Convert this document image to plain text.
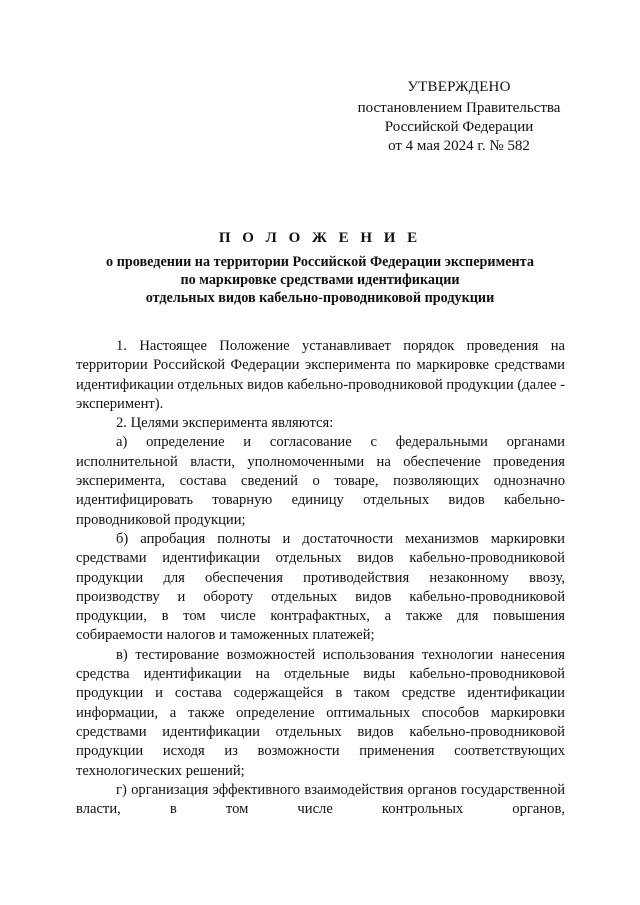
УТВЕРЖДЕНО
постановлением Правительства
Российской Федерации
от 4 мая 2024 г. № 582
П О Л О Ж Е Н И Е
о проведении на территории Российской Федерации эксперимента
по маркировке средствами идентификации
отдельных видов кабельно-проводниковой продукции

1. Настоящее Положение устанавливает порядок проведения на территории Российской Федерации эксперимента по маркировке средствами идентификации отдельных видов кабельно-проводниковой продукции (далее - эксперимент).

2. Целями эксперимента являются:

а) определение и согласование с федеральными органами исполнительной власти, уполномоченными на обеспечение проведения эксперимента, состава сведений о товаре, позволяющих однозначно идентифицировать товарную единицу отдельных видов кабельно-проводниковой продукции;

б) апробация полноты и достаточности механизмов маркировки средствами идентификации отдельных видов кабельно-проводниковой продукции для обеспечения противодействия незаконному ввозу, производству и обороту отдельных видов кабельно-проводниковой продукции, в том числе контрафактных, а также для повышения собираемости налогов и таможенных платежей;

в) тестирование возможностей использования технологии нанесения средства идентификации на отдельные виды кабельно-проводниковой продукции и состава содержащейся в таком средстве идентификации информации, а также определение оптимальных способов маркировки средствами идентификации отдельных видов кабельно-проводниковой продукции исходя из возможности применения соответствующих технологических решений;

г) организация эффективного взаимодействия органов государственной власти, в том числе контрольных органов,
